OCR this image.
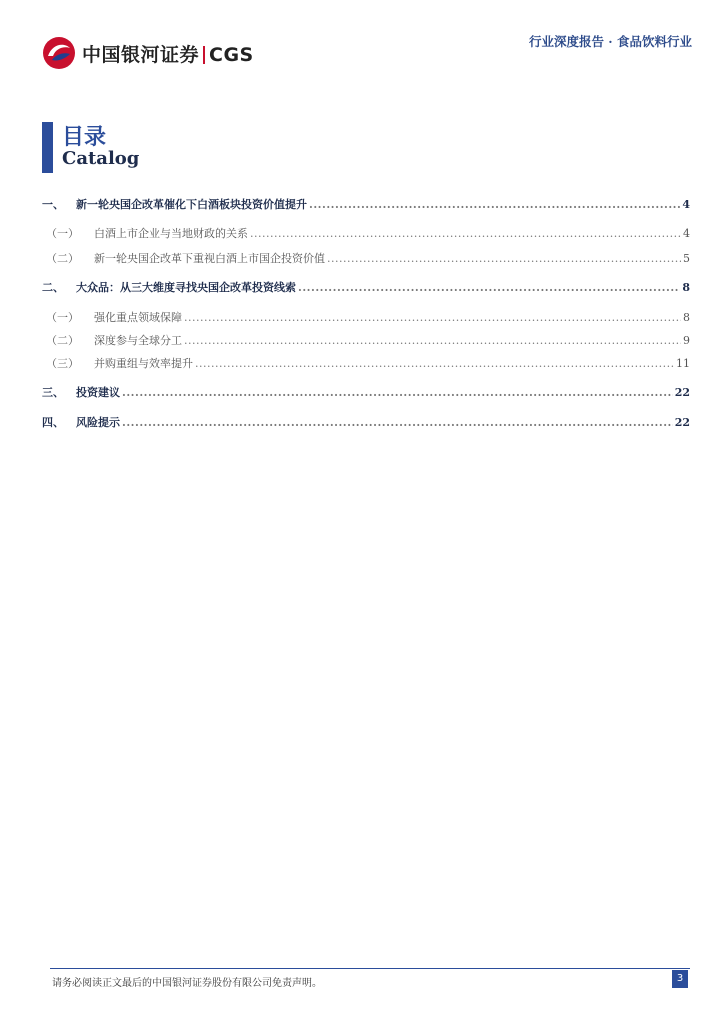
中国银河证券 CGS
行业深度报告 · 食品饮料行业
目录
Catalog
一、	新一轮央国企改革催化下白酒板块投资价值提升 .....	4
（一）	白酒上市企业与当地财政的关系 .....	4
（二）	新一轮央国企改革下重视白酒上市国企投资价值 .....	5
二、	大众品：从三大维度寻找央国企改革投资线索 .....	8
（一）	强化重点领域保障 .....	8
（二）	深度参与全球分工 .....	9
（三）	并购重组与效率提升 .....	11
三、	投资建议 .....	22
四、	风险提示 .....	22
请务必阅读正文最后的中国银河证券股份有限公司免责声明。	3
